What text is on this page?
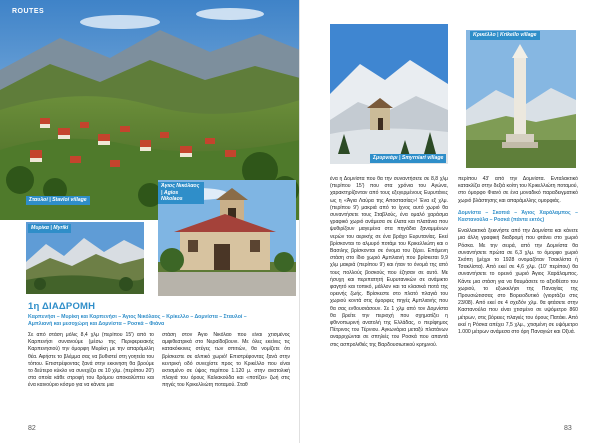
ROUTES
Σταυλοί | Stavloi village
Μυρίκα | Myriki
Άγιος Νικόλαος | Agios Nikolaos
1η ΔΙΑΔΡΟΜΗ
Καρπενήσι – Μυρίκη και Καρπενήσι – Άγιος Νικόλαος – Κρίκελλο – Δομνίστα – Σταυλοί –
Αμπλιανή και μεσοχώρη και Δομνίστα – Ροσκά – Φιάνα
Σε από στάση μόλις 8,4 χλμ (περίπου 15') από το Καρπενήσι συνανούμε (μέσω της Περιφερειακής Καρπενησιού) την όμορφη Μυρίκη με την απαράμιλλη θέα. Αφήστε το βλέμμα σας να βυθιστεί στη γοητεία του τόπου. Επιστρέφοντας ξανά στην εκκινηση θα βρούμε το δεύτερο κύκλο να συνεχίζει σε 10 χλμ. (περίπου 20') στα οποία κάθε στροφή του δρόμου αποκαλύπτει και ένα καινούριο κόσμο για να κάνετε μια
στάση στον Άγιο Νικόλαο που είναι χτισμένος αμφιθεατρικά στο Νεραϊδοβουνι. Με όλες εκείνες τις κατακόκκινες στέγες των σπιτιών, θα νομίζετε ότι βρίσκεστε σε αλπικό χωριό! Επιστρέφοντας ξανά στην κεντρική οδό συνεχίστε προς το Κρικέλλο που είναι εκτισμένο σε ύψος περίπου 1.120 μ. στην ανατολική πλαγιά του όρους Καλιακούδα και «ποτίζει» ζωή στις πηγές του Κρικελλιώτη ποταμού. Σταθ
82
Σμυρνιάρι | Smyrniari village
Κρικέλλο | Krikello village
ένα η Δομνίστα που θα την συναντήσετε σε 8,8 χλμ (περίπου 15') που στα χρόνια του Αγώνα, χαρακτηρίζονταν από τους εξεγερμένους Ευρυτάνες ως η «Άγια Λαύρα της Αποστασίας»! Ένα εξ χλμ. (περίπου 9') μακριά από το ίχνος αυτό χωριό θα συναντήσετε τους Σταβλούς, ένα ομαλό χαράσμα γραφικό χωριό ανάμεσα σε έλατα και πλατάνια που ψυθιρίζουν μαγεμένα στα πηγάδια ξαναμμένων νερών του αερικής σε ένα βράχο Ευρυτανίας. Εκεί βρίσκονται το αλμυρό ποτάμι του Κρικελλιώτη και ο Βασιλης βρίσκονται σε όνομα του ξέρει. Επόμενη στάση στο ίδιο χωριό Αμπλιανή που βρίσκεται 9,9 χλμ μακριά (περίπου 9') και ήταν το όνομά της από τους πολλούς βοσκούς που έζησαν σε αυτό. Με ήσυχη και περιπατητή Ευρυτανικών σε ανάμικτο φαγητό και τοπικό, μάλλον και τα κλασικά ποτά της ορεινής ζωής. Βρίσκεστε στο πλατό πλαγιά του χωριού κοντά στις όμορφες πηγές Αμπλιανής που θα σας ενθουσιάσουν. Σε 1 χλμ από τον Δομνίστα θα βρείτε την περιοχή που σχηματίζει η φθινοπωρινή ανατολή της Ελλάδας, ο περίφημος Πέτρινος του Τέρνιου. Αγκωνάρια μεταξύ πλατάνων αναρριχώνται σε σπηλιές του Ροσκά που απαντά στις ασπρολιθιές της Βαρδουσιωτικού κρημνού.

περίπου 43' από την Δομνίστα. Ενταλακτικό κατακλίζει στην δεξιά κοίτη του Κρικελλιώτη ποταμού, στο όμορφο Φιανό σε ένα μοναδικό παραδειγματικό χωριό βλάστησης και απαράμιλλης ομορφιάς.

Δομνίστα – Σκοπιά – Άγιος Χαράλαμπος – Καστανούλα – Ροσκά (πάντα εκτός)

Εναλλακτικά ξεκινήστε από την Δομνίστα και κάνετε μια άλλη γραφική διαδρομή που φτάνει στο χωριό Ρόσκα. Με την σειρά, από την Δομνίστα θα συναντήσετε πρώτα σε 6,3 χλμ. το όμορφο χωριό Σκόπη (μέχρι το 1928 ονομαζόταν Τσακλίστα ή Τσακλίστα). Από εκεί σε 4,6 χλμ. (10' περίπου) θα συναντήσετε το ορεινό χωριό Άγιος Χαράλαμπος. Κάντε μια στάση για να θαυμάσετε το αξιοθέατο του χωριού, το εξωκκλήσι της Παναγίας της Προυσιώτισσας στο Βορειοδυτικό (γιορτάζει στις 23/08). Από εκεί σε 4 σχεδόν χλμ. θα φτάσετε στην Καστανούλα που είναι χτισμένο σε υψόμετρο 860 μέτρων, στις βόρειες πλαγιές του όρους Πατάκι. Από εκεί η Ρόσκα απέχει 7,5 χλμ., χτισμένη σε υψόμετρο 1.000 μέτρων ανάμεσα στο όρη Παναγιώτ και Οξυά.

83
